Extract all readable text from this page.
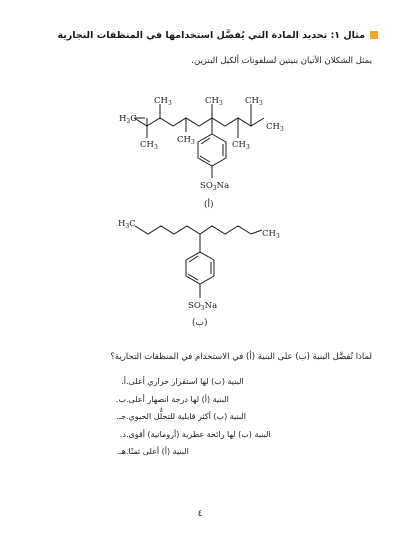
مثال ١: تحديد المادة التي يُفضَّل استخدامها في المنظفات التجارية
يمثل الشكلان الآتيان بنيتين لسلفونات ألكيل البنزين.
$H_3C$
$CH_3$
$CH_3$
$CH_3$
$CH_3$
$CH_3$
$CH_3$
$CH_3$
$SO_3Na$
(أ)
$H_3C$
$CH_3$
$SO_3Na$
(ب)
لماذا تُفضَّل البنية (ب) على البنية (أ) في الاستخدام في المنظفات التجارية؟
أ. البنية (ب) لها استقرار حراري أعلى.
ب. البنية (أ) لها درجة انصهار أعلى.
جـ. البنية (ب) أكثر قابلية للتحلُّل الحيوي.
د. البنية (ب) لها رائحة عطرية (أروماتية) أقوى.
هـ. البنية (أ) أعلى ثمنًا.
٤
